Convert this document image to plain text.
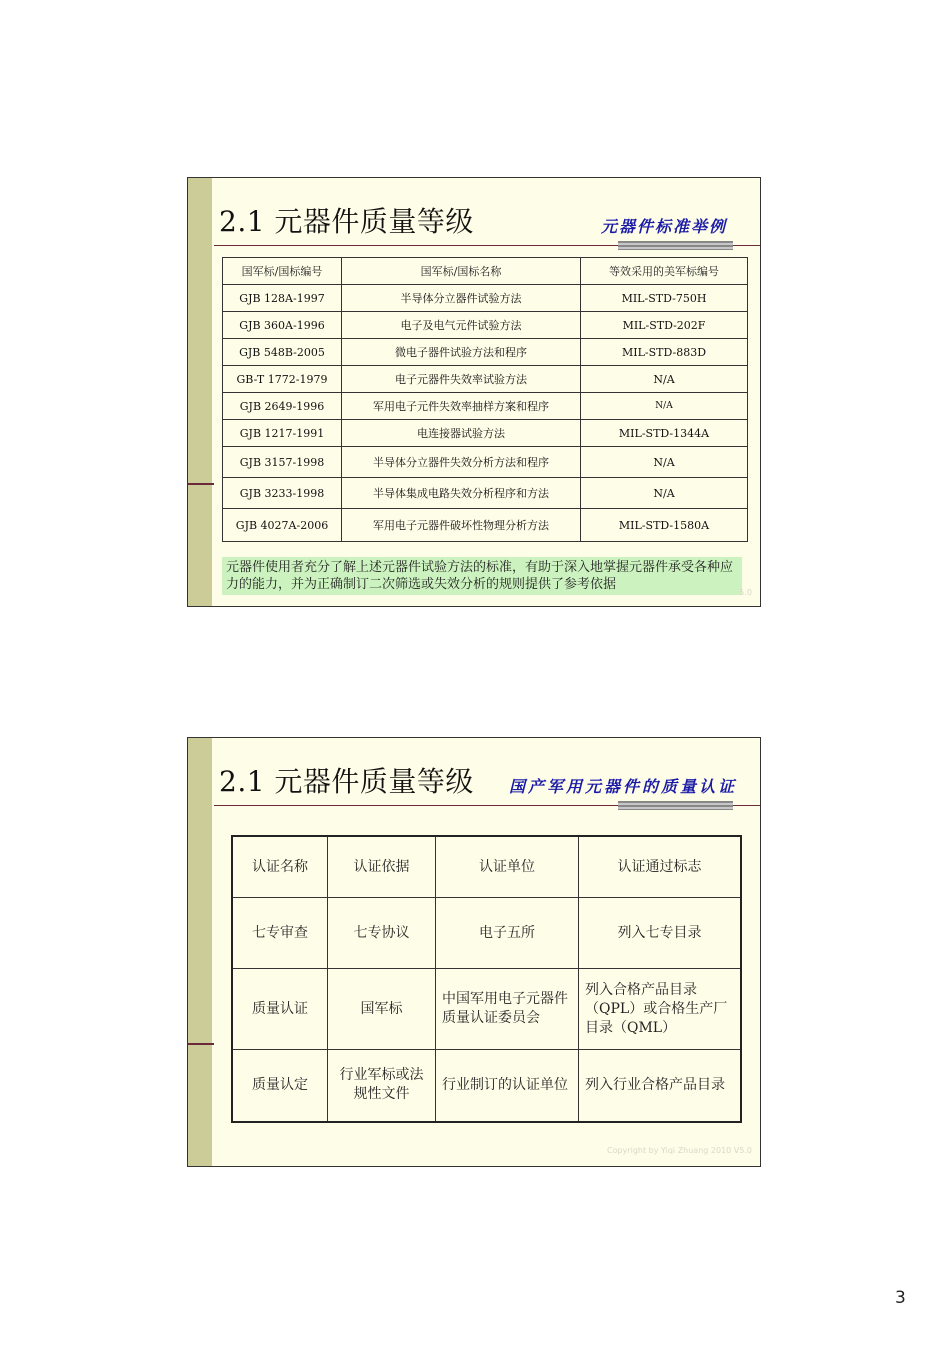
2.1 元器件质量等级	元器件标准举例
国军标/国标编号	国军标/国标名称	等效采用的美军标编号
GJB 128A-1997	半导体分立器件试验方法	MIL-STD-750H
GJB 360A-1996	电子及电气元件试验方法	MIL-STD-202F
GJB 548B-2005	微电子器件试验方法和程序	MIL-STD-883D
GB-T 1772-1979	电子元器件失效率试验方法	N/A
GJB 2649-1996	军用电子元件失效率抽样方案和程序	N/A
GJB 1217-1991	电连接器试验方法	MIL-STD-1344A
GJB 3157-1998	半导体分立器件失效分析方法和程序	N/A
GJB 3233-1998	半导体集成电路失效分析程序和方法	N/A
GJB 4027A-2006	军用电子元器件破坏性物理分析方法	MIL-STD-1580A
元器件使用者充分了解上述元器件试验方法的标准，有助于深入地掌握元器件承受各种应力的能力，并为正确制订二次筛选或失效分析的规则提供了参考依据
5.0
2.1 元器件质量等级 国产军用元器件的质量认证
认证名称	认证依据	认证单位	认证通过标志
七专审查	七专协议	电子五所	列入七专目录
质量认证	国军标	中国军用电子元器件质量认证委员会	列入合格产品目录（QPL）或合格生产厂目录（QML）
质量认定	行业军标或法规性文件	行业制订的认证单位	列入行业合格产品目录
Copyright by Yiqi Zhuang 2010 V5.0
3
